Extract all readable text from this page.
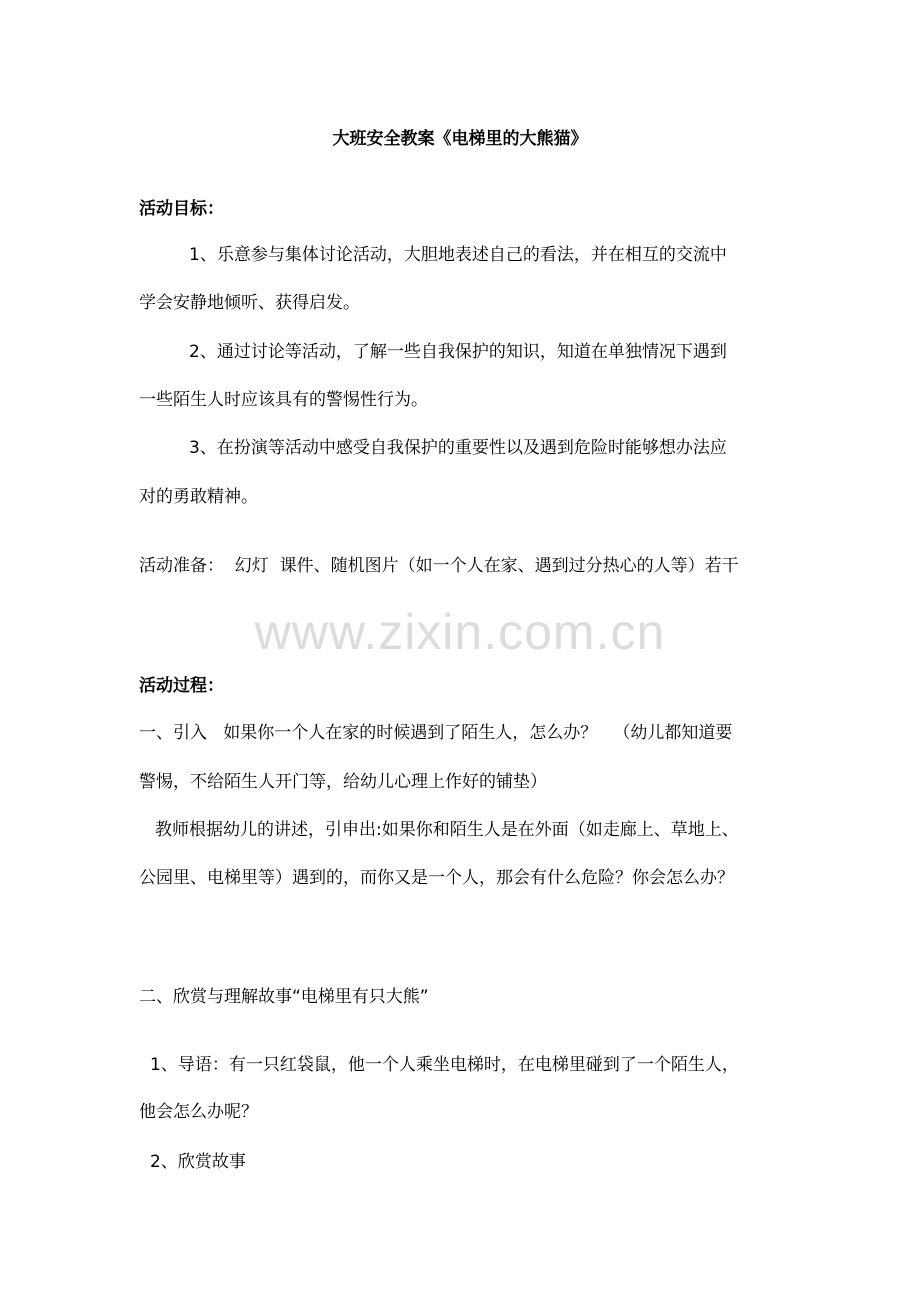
大班安全教案《电梯里的大熊猫》
活动目标：
1、乐意参与集体讨论活动，大胆地表述自己的看法，并在相互的交流中
学会安静地倾听、获得启发。
2、通过讨论等活动，了解一些自我保护的知识，知道在单独情况下遇到
一些陌生人时应该具有的警惕性行为。
3、在扮演等活动中感受自我保护的重要性以及遇到危险时能够想办法应
对的勇敢精神。
活动准备：  幻灯  课件、随机图片（如一个人在家、遇到过分热心的人等）若干
www.zixin.com.cn
活动过程：
一、引入   如果你一个人在家的时候遇到了陌生人，怎么办？   （幼儿都知道要
警惕，不给陌生人开门等，给幼儿心理上作好的铺垫）
教师根据幼儿的讲述，引申出:如果你和陌生人是在外面（如走廊上、草地上、
公园里、电梯里等）遇到的，而你又是一个人，那会有什么危险？你会怎么办？
二、欣赏与理解故事“电梯里有只大熊”
1、导语：有一只红袋鼠，他一个人乘坐电梯时，在电梯里碰到了一个陌生人，
他会怎么办呢？
2、欣赏故事
